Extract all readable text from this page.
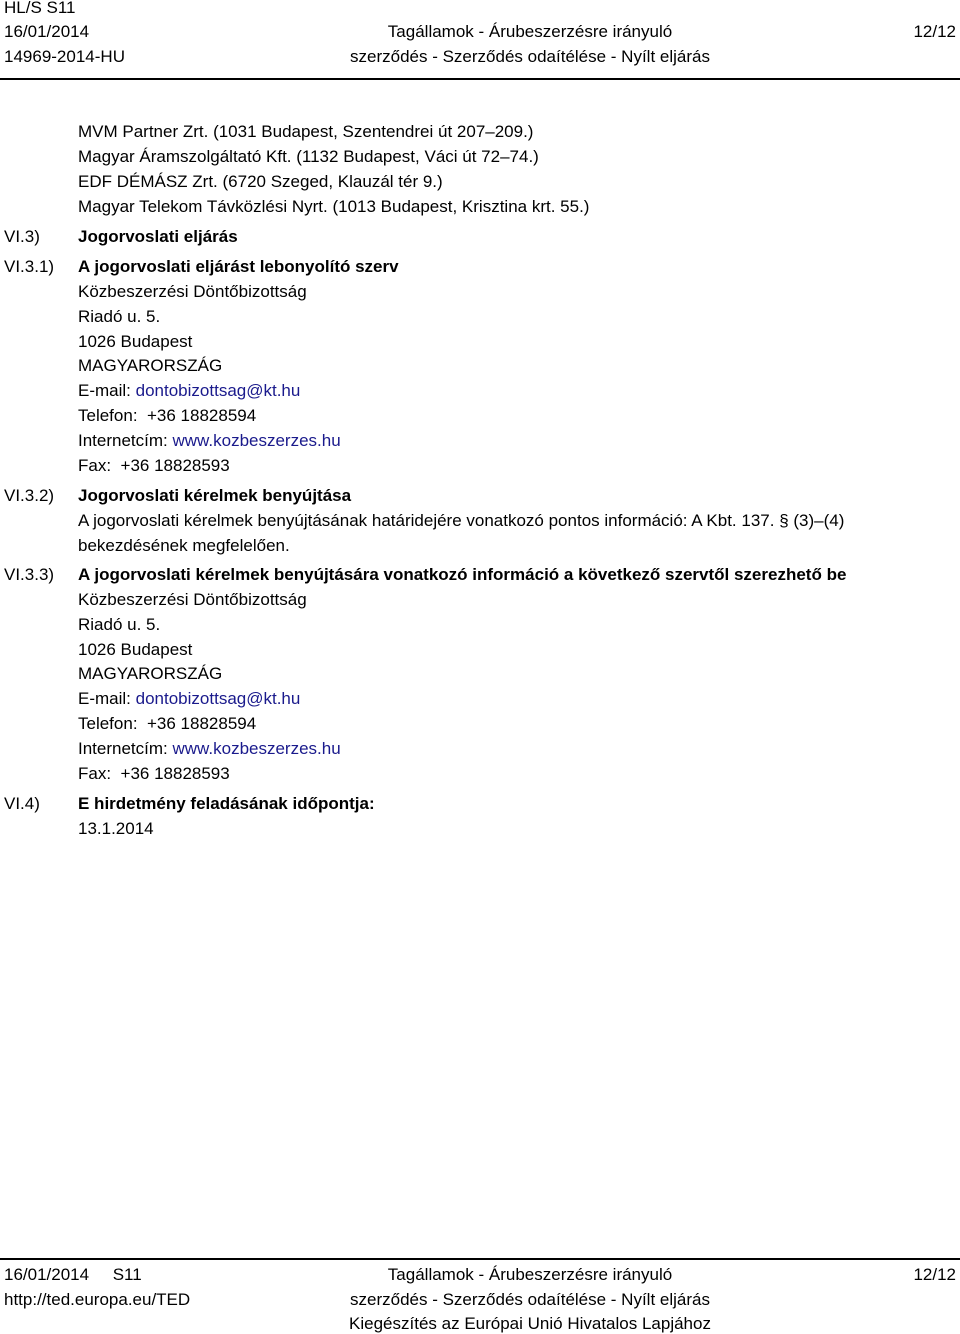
HL/S S11
16/01/2014
14969-2014-HU
Tagállamok - Árubeszerzésre irányuló
szerződés - Szerződés odaítélése - Nyílt eljárás
12/12
MVM Partner Zrt. (1031 Budapest, Szentendrei út 207–209.)
Magyar Áramszolgáltató Kft. (1132 Budapest, Váci út 72–74.)
EDF DÉMÁSZ Zrt. (6720 Szeged, Klauzál tér 9.)
Magyar Telekom Távközlési Nyrt. (1013 Budapest, Krisztina krt. 55.)
VI.3) Jogorvoslati eljárás
VI.3.1) A jogorvoslati eljárást lebonyolító szerv
Közbeszerzési Döntőbizottság
Riadó u. 5.
1026 Budapest
MAGYARORSZÁG
E-mail: dontobizottsag@kt.hu
Telefon: +36 18828594
Internetcím: www.kozbeszerzes.hu
Fax: +36 18828593
VI.3.2) Jogorvoslati kérelmek benyújtása
A jogorvoslati kérelmek benyújtásának határidejére vonatkozó pontos információ: A Kbt. 137. § (3)–(4)
bekezdésének megfelelően.
VI.3.3) A jogorvoslati kérelmek benyújtására vonatkozó információ a következő szervtől szerezhető be
Közbeszerzési Döntőbizottság
Riadó u. 5.
1026 Budapest
MAGYARORSZÁG
E-mail: dontobizottsag@kt.hu
Telefon: +36 18828594
Internetcím: www.kozbeszerzes.hu
Fax: +36 18828593
VI.4) E hirdetmény feladásának időpontja:
13.1.2014
16/01/2014 S11
http://ted.europa.eu/TED
Tagállamok - Árubeszerzésre irányuló
szerződés - Szerződés odaítélése - Nyílt eljárás
Kiegészítés az Európai Unió Hivatalos Lapjához
12/12
